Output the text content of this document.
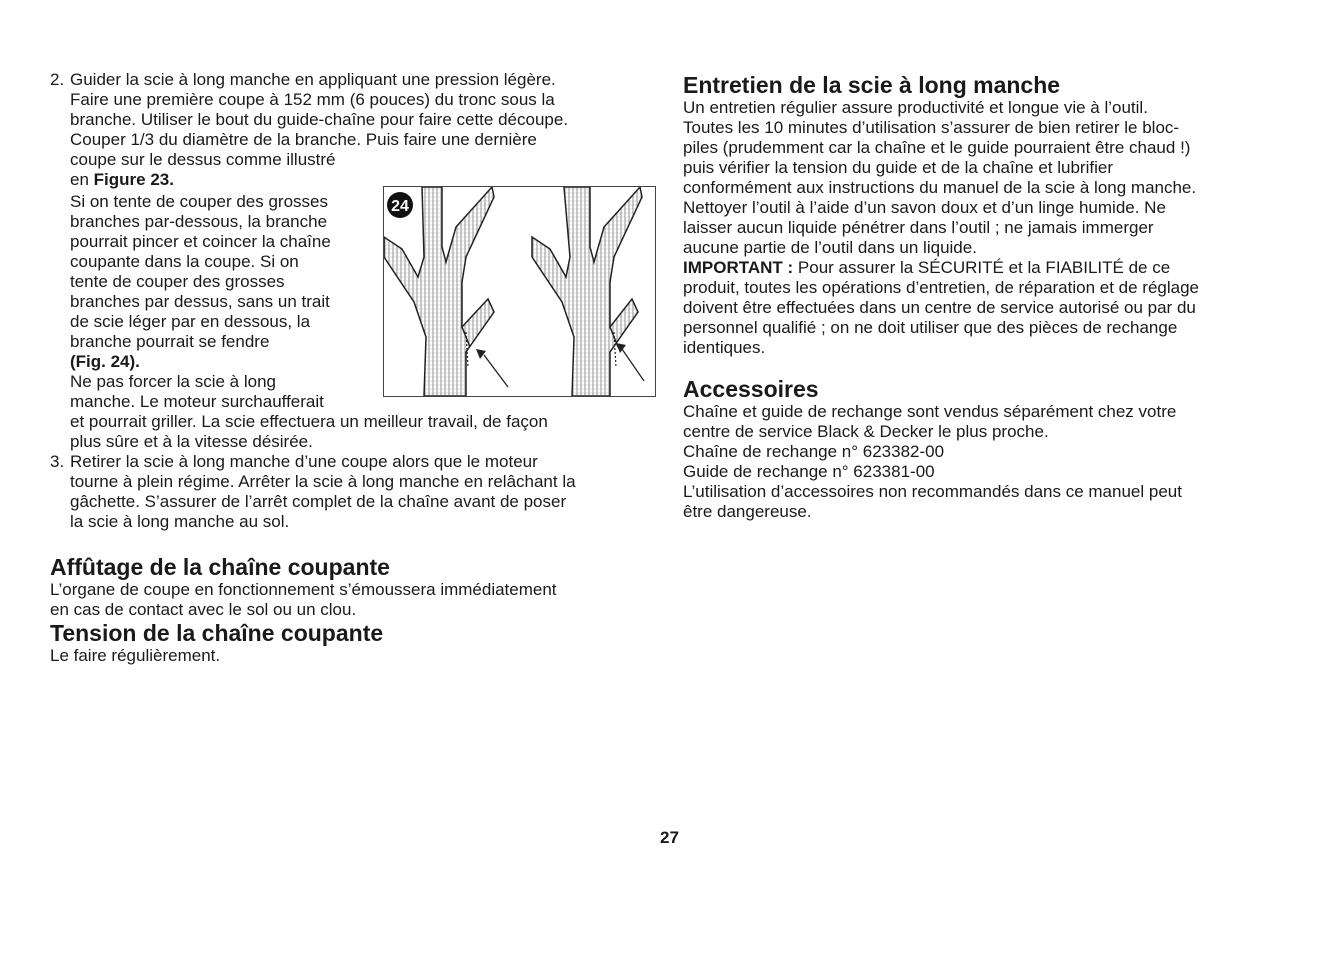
2. Guider la scie à long manche en appliquant une pression légère.

Faire une première coupe à 152 mm (6 pouces) du tronc sous la

branche. Utiliser le bout du guide-chaîne pour faire cette découpe.

Couper 1/3 du diamètre de la branche. Puis faire une dernière

coupe sur le dessus comme illustré

en Figure 23.

Si on tente de couper des grosses

branches par-dessous, la branche

pourrait pincer et coincer la chaîne

coupante dans la coupe. Si on

tente de couper des grosses

branches par dessus, sans un trait

de scie léger par en dessous, la

branche pourrait se fendre

(Fig. 24).

Ne pas forcer la scie à long

manche. Le moteur surchaufferait

et pourrait griller. La scie effectuera un meilleur travail, de façon

plus sûre et à la vitesse désirée.

3. Retirer la scie à long manche d’une coupe alors que le moteur

tourne à plein régime. Arrêter la scie à long manche en relâchant la

gâchette. S’assurer de l’arrêt complet de la chaîne avant de poser

la scie à long manche au sol.

Affûtage de la chaîne coupante

L’organe de coupe en fonctionnement s’émoussera immédiatement

en cas de contact avec le sol ou un clou.

Tension de la chaîne coupante

Le faire régulièrement.

24
Entretien de la scie à long manche

Un entretien régulier assure productivité et longue vie à l’outil.

Toutes les 10 minutes d’utilisation s’assurer de bien retirer le bloc-

piles (prudemment car la chaîne et le guide pourraient être chaud !)

puis vérifier la tension du guide et de la chaîne et lubrifier

conformément aux instructions du manuel de la scie à long manche.

Nettoyer l’outil à l’aide d’un savon doux et d’un linge humide. Ne

laisser aucun liquide pénétrer dans l’outil ; ne jamais immerger

aucune partie de l’outil dans un liquide.

IMPORTANT : Pour assurer la SÉCURITÉ et la FIABILITÉ de ce

produit, toutes les opérations d’entretien, de réparation et de réglage

doivent être effectuées dans un centre de service autorisé ou par du

personnel qualifié ; on ne doit utiliser que des pièces de rechange

identiques.

Accessoires

Chaîne et guide de rechange sont vendus séparément chez votre

centre de service Black & Decker le plus proche.

Chaîne de rechange n° 623382-00

Guide de rechange n° 623381-00

L’utilisation d’accessoires non recommandés dans ce manuel peut

être dangereuse.

27
